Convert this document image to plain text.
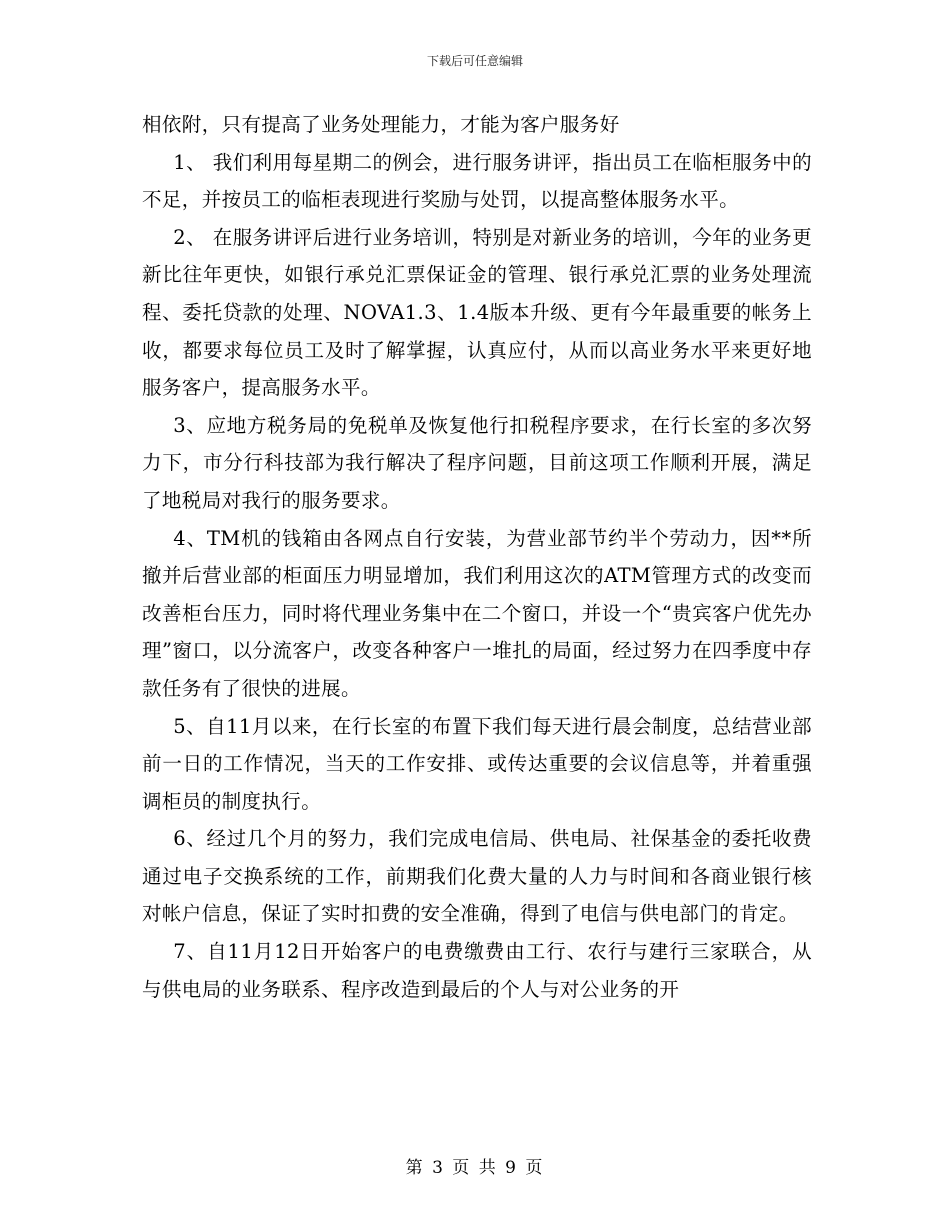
下载后可任意编辑

相依附，只有提高了业务处理能力，才能为客户服务好

1、 我们利用每星期二的例会，进行服务讲评，指出员工在临柜服务中的不足，并按员工的临柜表现进行奖励与处罚，以提高整体服务水平。

2、 在服务讲评后进行业务培训，特别是对新业务的培训，今年的业务更新比往年更快，如银行承兑汇票保证金的管理、银行承兑汇票的业务处理流程、委托贷款的处理、NOVA1.3、1.4版本升级、更有今年最重要的帐务上收，都要求每位员工及时了解掌握，认真应付，从而以高业务水平来更好地服务客户，提高服务水平。

3、应地方税务局的免税单及恢复他行扣税程序要求，在行长室的多次努力下，市分行科技部为我行解决了程序问题，目前这项工作顺利开展，满足了地税局对我行的服务要求。

4、TM机的钱箱由各网点自行安装，为营业部节约半个劳动力，因**所撤并后营业部的柜面压力明显增加，我们利用这次的ATM管理方式的改变而改善柜台压力，同时将代理业务集中在二个窗口，并设一个“贵宾客户优先办理”窗口，以分流客户，改变各种客户一堆扎的局面，经过努力在四季度中存款任务有了很快的进展。

5、自11月以来，在行长室的布置下我们每天进行晨会制度，总结营业部前一日的工作情况，当天的工作安排、或传达重要的会议信息等，并着重强调柜员的制度执行。

6、经过几个月的努力，我们完成电信局、供电局、社保基金的委托收费通过电子交换系统的工作，前期我们化费大量的人力与时间和各商业银行核对帐户信息，保证了实时扣费的安全准确，得到了电信与供电部门的肯定。

7、自11月12日开始客户的电费缴费由工行、农行与建行三家联合，从与供电局的业务联系、程序改造到最后的个人与对公业务的开

第 3 页 共 9 页
